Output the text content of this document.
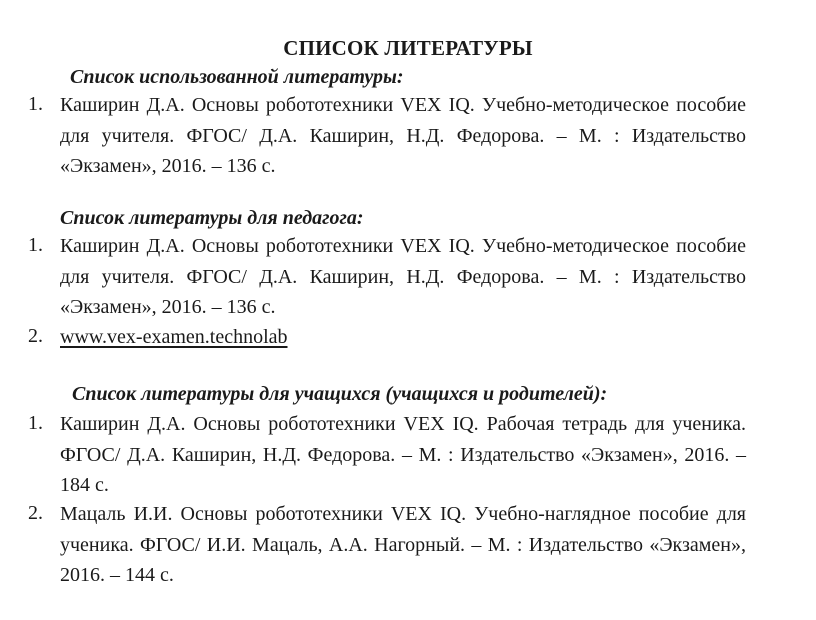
СПИСОК ЛИТЕРАТУРЫ
Список использованной литературы:
1. Каширин Д.А. Основы робототехники VEX IQ. Учебно-методическое пособие для учителя. ФГОС/ Д.А. Каширин, Н.Д. Федорова. – М. : Издательство «Экзамен», 2016. – 136 с.
Список литературы для педагога:
1. Каширин Д.А. Основы робототехники VEX IQ. Учебно-методическое пособие для учителя. ФГОС/ Д.А. Каширин, Н.Д. Федорова. – М. : Издательство «Экзамен», 2016. – 136 с.
2. www.vex-examen.technolab
Список литературы для учащихся (учащихся и родителей):
1. Каширин Д.А. Основы робототехники VEX IQ. Рабочая тетрадь для ученика. ФГОС/ Д.А. Каширин, Н.Д. Федорова. – М. : Издательство «Экзамен», 2016. – 184 с.
2. Мацаль И.И. Основы робототехники VEX IQ. Учебно-наглядное пособие для ученика. ФГОС/ И.И. Мацаль, А.А. Нагорный. – М. : Издательство «Экзамен», 2016. – 144 с.
